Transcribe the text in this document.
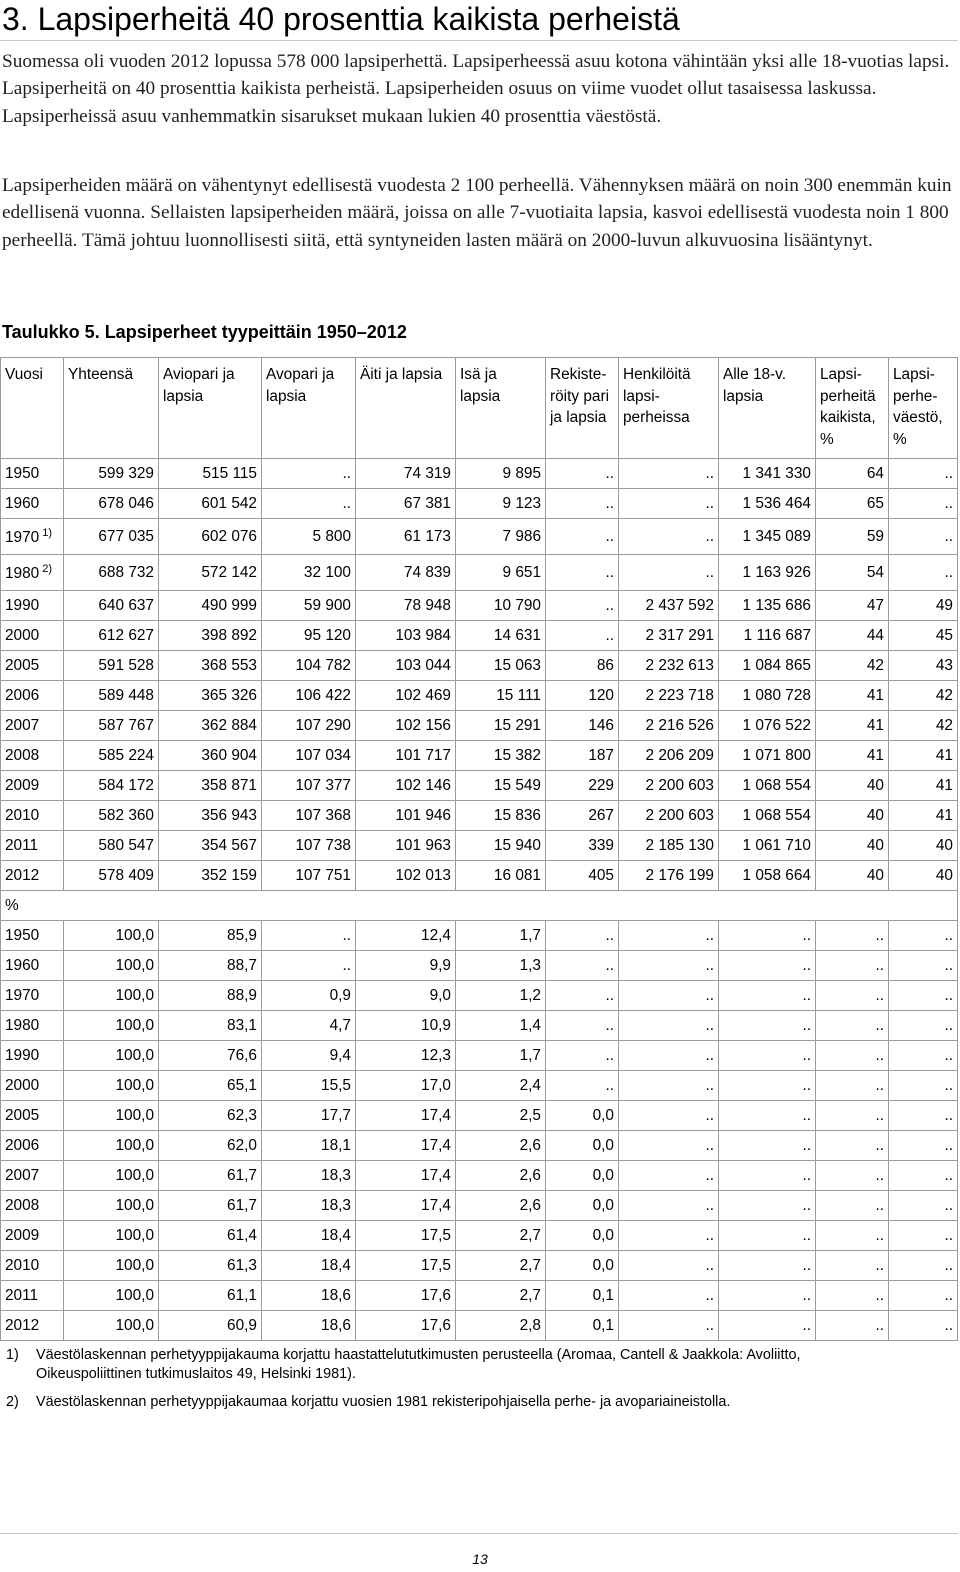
3. Lapsiperheitä 40 prosenttia kaikista perheistä

Suomessa oli vuoden 2012 lopussa 578 000 lapsiperhettä. Lapsiperheessä asuu kotona vähintään yksi alle 18-vuotias lapsi. Lapsiperheitä on 40 prosenttia kaikista perheistä. Lapsiperheiden osuus on viime vuodet ollut tasaisessa laskussa. Lapsiperheissä asuu vanhemmatkin sisarukset mukaan lukien 40 prosenttia väestöstä.

Lapsiperheiden määrä on vähentynyt edellisestä vuodesta 2 100 perheellä. Vähennyksen määrä on noin 300 enemmän kuin edellisenä vuonna. Sellaisten lapsiperheiden määrä, joissa on alle 7-vuotiaita lapsia, kasvoi edellisestä vuodesta noin 1 800 perheellä. Tämä johtuu luonnollisesti siitä, että syntyneiden lasten määrä on 2000-luvun alkuvuosina lisääntynyt.

Taulukko 5. Lapsiperheet tyypeittäin 1950–2012
Vuosi	Yhteensä	Aviopari ja lapsia	Avopari ja lapsia	Äiti ja lapsia	Isä ja lapsia	Rekiste-röity pari ja lapsia	Henkilöitä lapsi-perheissa	Alle 18-v. lapsia	Lapsi-perheitä kaikista, %	Lapsi-perhe-väestö, %
1950	599 329	515 115	..	74 319	9 895	..	..	1 341 330	64	..
1960	678 046	601 542	..	67 381	9 123	..	..	1 536 464	65	..
1970 $^{1)}$	677 035	602 076	5 800	61 173	7 986	..	..	1 345 089	59	..
1980 $^{2)}$	688 732	572 142	32 100	74 839	9 651	..	..	1 163 926	54	..
1990	640 637	490 999	59 900	78 948	10 790	..	2 437 592	1 135 686	47	49
2000	612 627	398 892	95 120	103 984	14 631	..	2 317 291	1 116 687	44	45
2005	591 528	368 553	104 782	103 044	15 063	86	2 232 613	1 084 865	42	43
2006	589 448	365 326	106 422	102 469	15 111	120	2 223 718	1 080 728	41	42
2007	587 767	362 884	107 290	102 156	15 291	146	2 216 526	1 076 522	41	42
2008	585 224	360 904	107 034	101 717	15 382	187	2 206 209	1 071 800	41	41
2009	584 172	358 871	107 377	102 146	15 549	229	2 200 603	1 068 554	40	41
2010	582 360	356 943	107 368	101 946	15 836	267	2 200 603	1 068 554	40	41
2011	580 547	354 567	107 738	101 963	15 940	339	2 185 130	1 061 710	40	40
2012	578 409	352 159	107 751	102 013	16 081	405	2 176 199	1 058 664	40	40
%										
1950	100,0	85,9	..	12,4	1,7	..	..	..	..	..
1960	100,0	88,7	..	9,9	1,3	..	..	..	..	..
1970	100,0	88,9	0,9	9,0	1,2	..	..	..	..	..
1980	100,0	83,1	4,7	10,9	1,4	..	..	..	..	..
1990	100,0	76,6	9,4	12,3	1,7	..	..	..	..	..
2000	100,0	65,1	15,5	17,0	2,4	..	..	..	..	..
2005	100,0	62,3	17,7	17,4	2,5	0,0	..	..	..	..
2006	100,0	62,0	18,1	17,4	2,6	0,0	..	..	..	..
2007	100,0	61,7	18,3	17,4	2,6	0,0	..	..	..	..
2008	100,0	61,7	18,3	17,4	2,6	0,0	..	..	..	..
2009	100,0	61,4	18,4	17,5	2,7	0,0	..	..	..	..
2010	100,0	61,3	18,4	17,5	2,7	0,0	..	..	..	..
2011	100,0	61,1	18,6	17,6	2,7	0,1	..	..	..	..
2012	100,0	60,9	18,6	17,6	2,8	0,1	..	..	..	..
1) Väestölaskennan perhetyyppijakauma korjattu haastattelututkimusten perusteella (Aromaa, Cantell & Jaakkola: Avoliitto,
Oikeuspoliittinen tutkimuslaitos 49, Helsinki 1981).
2) Väestölaskennan perhetyyppijakaumaa korjattu vuosien 1981 rekisteripohjaisella perhe- ja avopariaineistolla.
13
